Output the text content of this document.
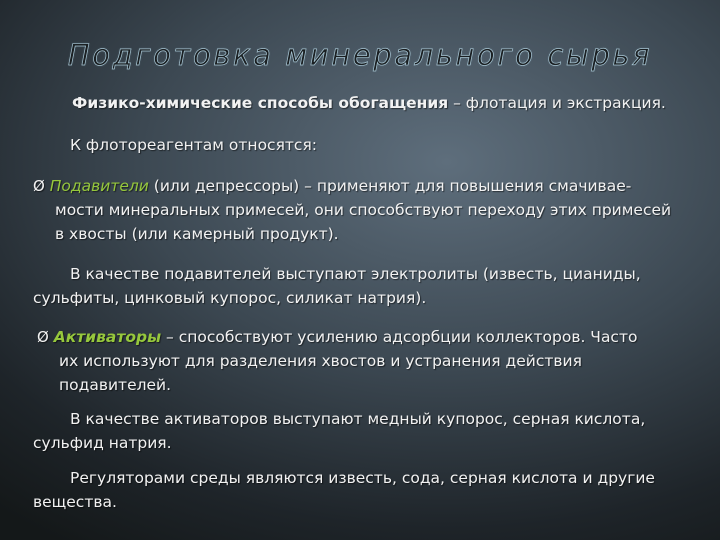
Подготовка минерального сырья
Физико-химические способы обогащения – флотация и экстракция.
К флотореагентам относятся:
Ø Подавители (или депрессоры) – применяют для повышения смачивае-
мости минеральных примесей, они способствуют переходу этих примесей
в хвосты (или камерный продукт).
В качестве подавителей выступают электролиты (известь, цианиды,
сульфиты, цинковый купорос, силикат натрия).
Ø Активаторы – способствуют усилению адсорбции коллекторов. Часто
их используют для разделения хвостов и устранения действия
подавителей.
В качестве активаторов выступают медный купорос, серная кислота,
сульфид натрия.
Регуляторами среды являются известь, сода, серная кислота и другие
вещества.
